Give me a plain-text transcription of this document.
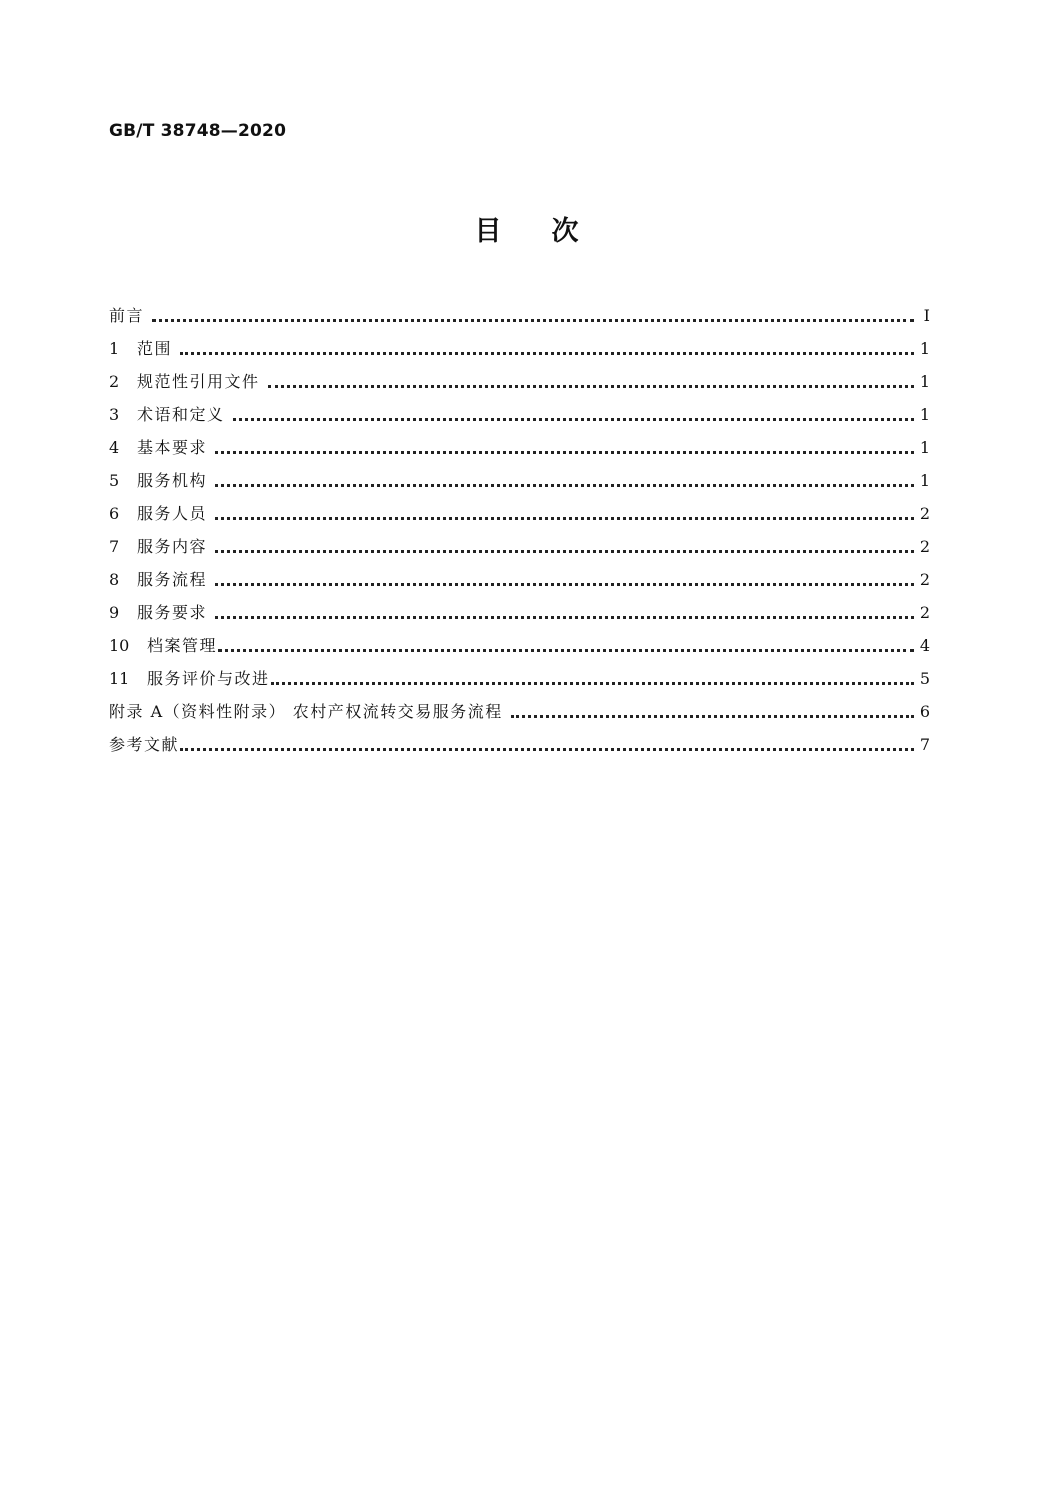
GB/T 38748—2020
目 次
前言	Ⅰ
1 范围	1
2 规范性引用文件	1
3 术语和定义	1
4 基本要求	1
5 服务机构	1
6 服务人员	2
7 服务内容	2
8 服务流程	2
9 服务要求	2
10 档案管理	4
11 服务评价与改进	5
附录 A（资料性附录） 农村产权流转交易服务流程	6
参考文献	7
